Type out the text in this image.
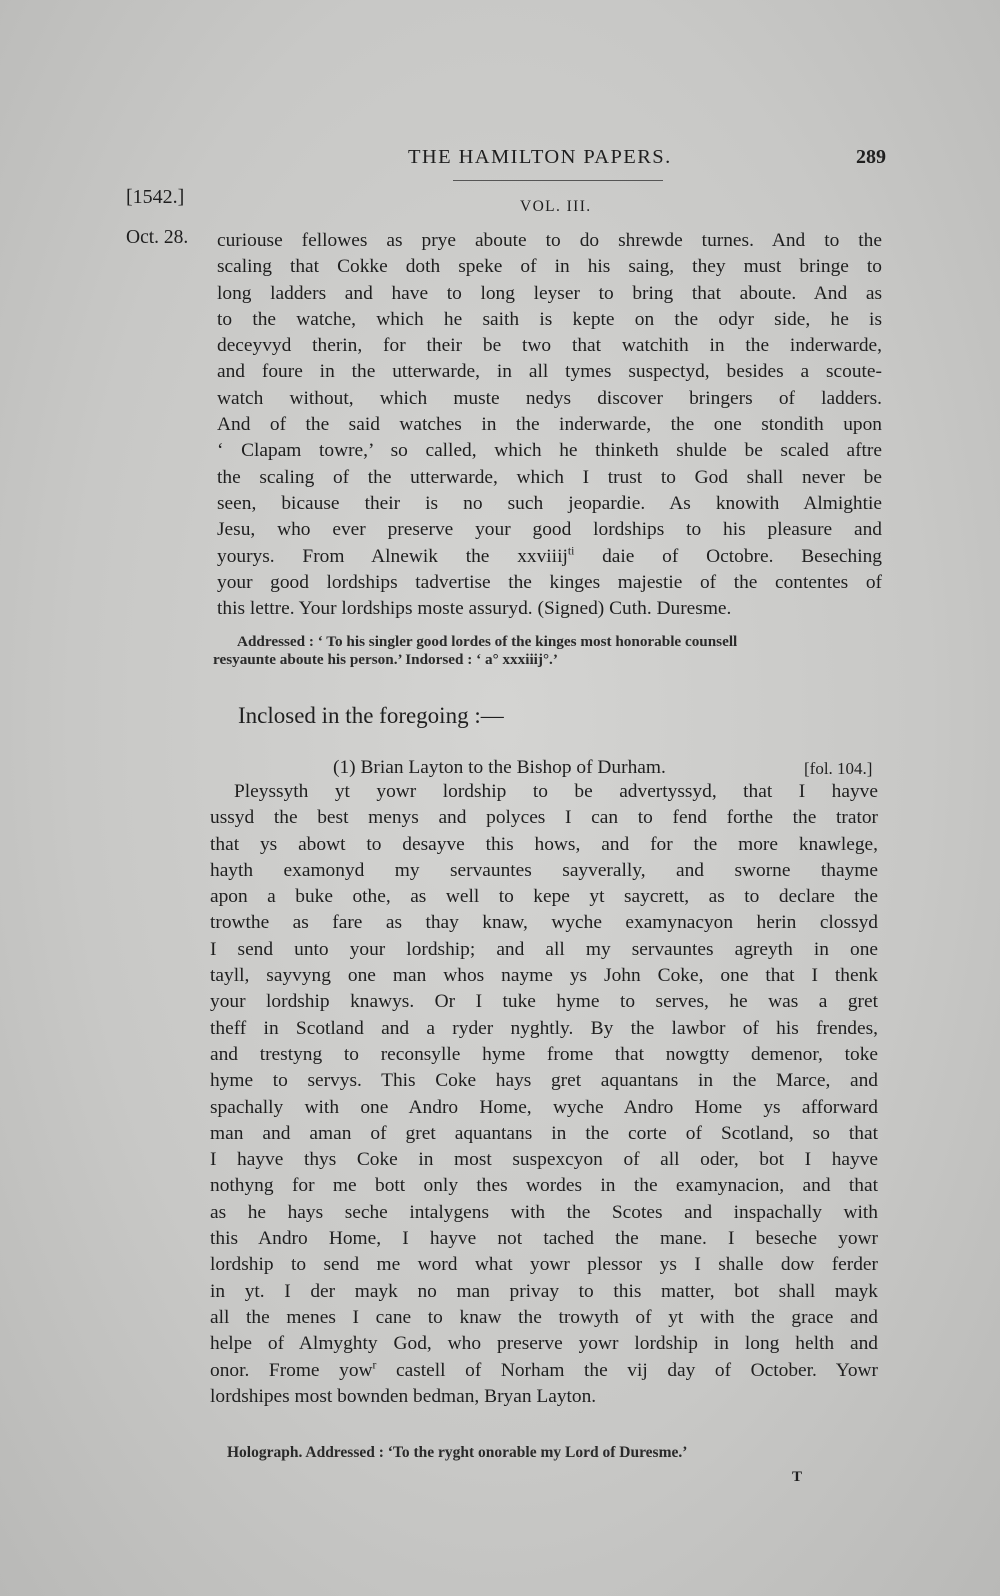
THE HAMILTON PAPERS.	289
[1542.]	VOL. III.
Oct. 28. curiouse fellowes as prye aboute to do shrewde turnes. And to the
scaling that Cokke doth speke of in his saing, they must bringe to
long ladders and have to long leyser to bring that aboute. And as
to the watche, which he saith is kepte on the odyr side, he is
deceyvyd therin, for their be two that watchith in the inderwarde,
and foure in the utterwarde, in all tymes suspectyd, besides a scoute-
watch without, which muste nedys discover bringers of ladders.
And of the said watches in the inderwarde, the one stondith upon
‘ Clapam towre,’ so called, which he thinketh shulde be scaled aftre
the scaling of the utterwarde, which I trust to God shall never be
seen, bicause their is no such jeopardie. As knowith Almightie
Jesu, who ever preserve your good lordships to his pleasure and
yourys. From Alnewik the xxviiij$^{ti}$ daie of Octobre. Beseching
your good lordships tadvertise the kinges majestie of the contentes of
this lettre. Your lordships moste assuryd. (Signed) Cuth. Duresme.
Addressed : ‘ To his singler good lordes of the kinges most honorable counsell
resyaunte aboute his person.’ Indorsed : ‘ a° xxxiiij°.’
Inclosed in the foregoing :—
(1) Brian Layton to the Bishop of Durham.	[fol. 104.]
Pleyssyth yt yowr lordship to be advertyssyd, that I hayve
ussyd the best menys and polyces I can to fend forthe the trator
that ys abowt to desayve this hows, and for the more knawlege,
hayth examonyd my servauntes sayverally, and sworne thayme
apon a buke othe, as well to kepe yt saycrett, as to declare the
trowthe as fare as thay knaw, wyche examynacyon herin clossyd
I send unto your lordship; and all my servauntes agreyth in one
tayll, sayvyng one man whos nayme ys John Coke, one that I thenk
your lordship knawys. Or I tuke hyme to serves, he was a gret
theff in Scotland and a ryder nyghtly. By the lawbor of his frendes,
and trestyng to reconsylle hyme frome that nowgtty demenor, toke
hyme to servys. This Coke hays gret aquantans in the Marce, and
spachally with one Andro Home, wyche Andro Home ys afforward
man and aman of gret aquantans in the corte of Scotland, so that
I hayve thys Coke in most suspexcyon of all oder, bot I hayve
nothyng for me bott only thes wordes in the examynacion, and that
as he hays seche intalygens with the Scotes and inspachally with
this Andro Home, I hayve not tached the mane. I beseche yowr
lordship to send me word what yowr plessor ys I shalle dow ferder
in yt. I der mayk no man privay to this matter, bot shall mayk
all the menes I cane to knaw the trowyth of yt with the grace and
helpe of Almyghty God, who preserve yowr lordship in long helth and
onor. Frome yow$^r$ castell of Norham the vij day of October. Yowr
lordshipes most bownden bedman, Bryan Layton.
Holograph. Addressed : ‘To the ryght onorable my Lord of Duresme.’
T
